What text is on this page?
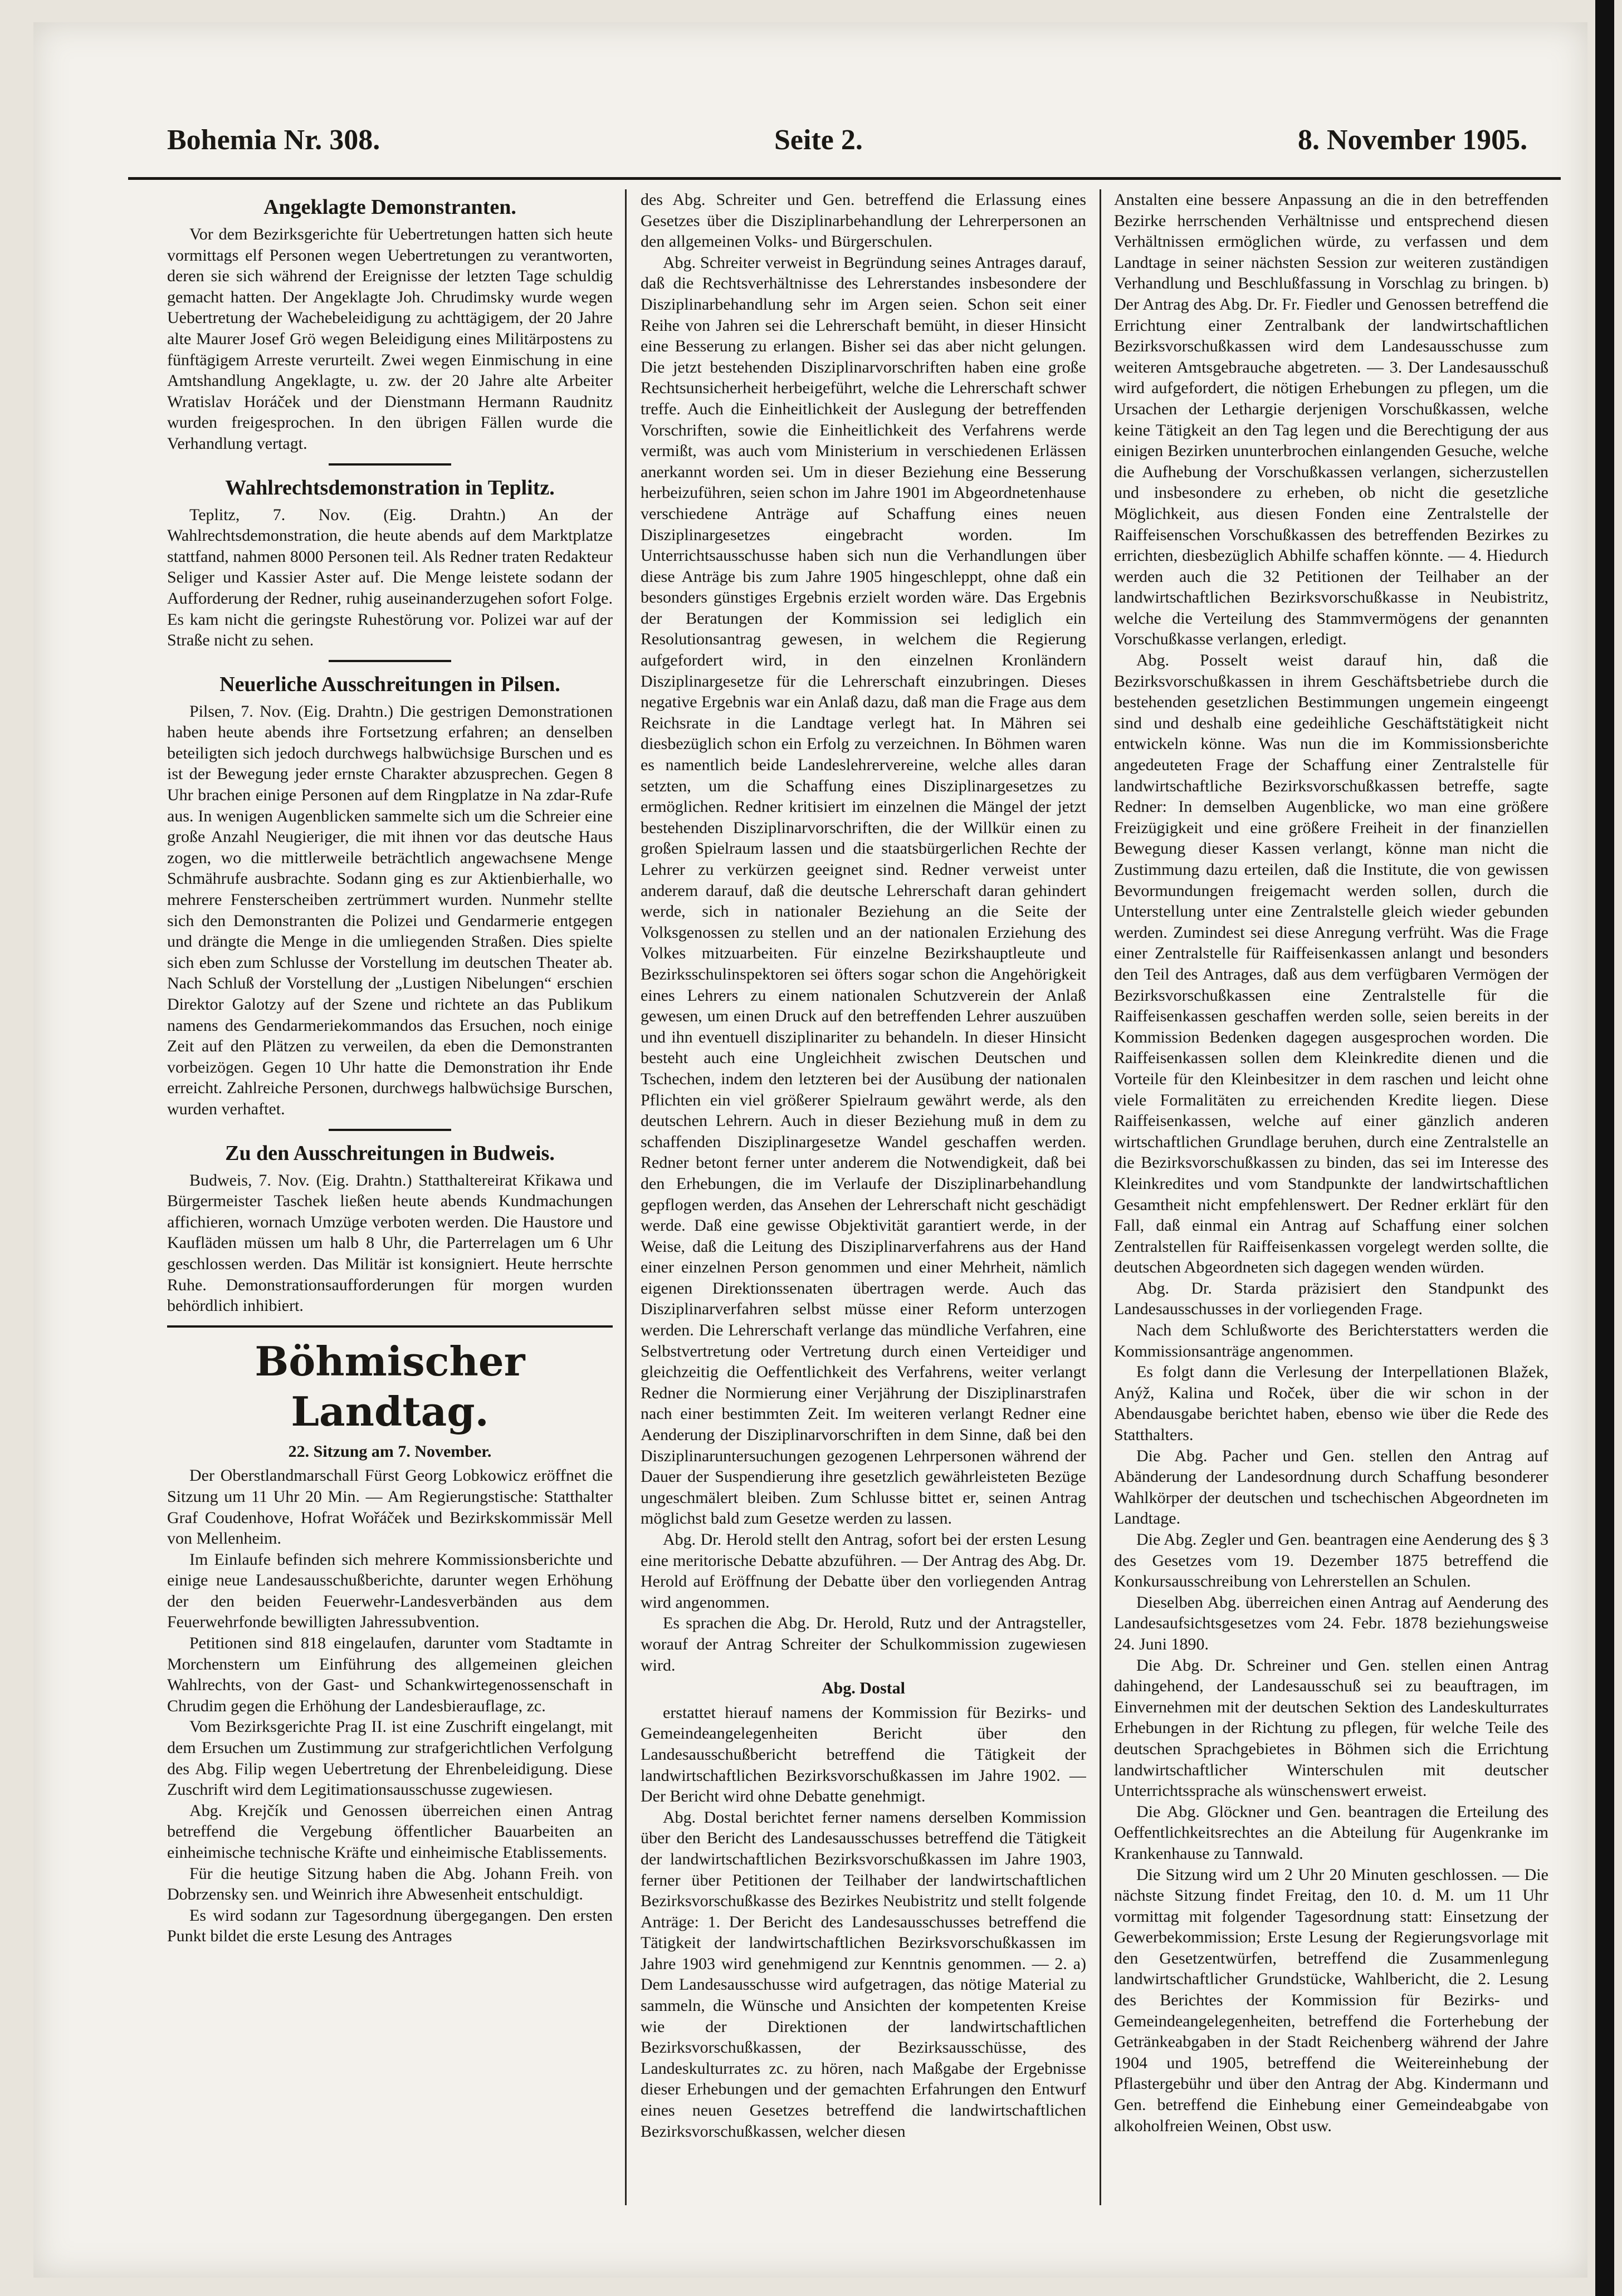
Bohemia Nr. 308.	Seite 2.	8. November 1905.
Angeklagte Demonstranten.

Vor dem Bezirksgerichte für Uebertretungen hatten sich heute vormittags elf Personen wegen Uebertretungen zu verantworten, deren sie sich während der Ereignisse der letzten Tage schuldig gemacht hatten. Der Angeklagte Joh. Chrudimsky wurde wegen Uebertretung der Wachebeleidigung zu achttägigem, der 20 Jahre alte Maurer Josef Grö wegen Beleidigung eines Militärpostens zu fünftägigem Arreste verurteilt. Zwei wegen Einmischung in eine Amtshandlung Angeklagte, u. zw. der 20 Jahre alte Arbeiter Wratislav Horáček und der Dienstmann Hermann Raudnitz wurden freigesprochen. In den übrigen Fällen wurde die Verhandlung vertagt.

Wahlrechtsdemonstration in Teplitz.

Teplitz, 7. Nov. (Eig. Drahtn.) An der Wahlrechtsdemonstration, die heute abends auf dem Marktplatze stattfand, nahmen 8000 Personen teil. Als Redner traten Redakteur Seliger und Kassier Aster auf. Die Menge leistete sodann der Aufforderung der Redner, ruhig auseinanderzugehen sofort Folge. Es kam nicht die geringste Ruhestörung vor. Polizei war auf der Straße nicht zu sehen.

Neuerliche Ausschreitungen in Pilsen.

Pilsen, 7. Nov. (Eig. Drahtn.) Die gestrigen Demonstrationen haben heute abends ihre Fortsetzung erfahren; an denselben beteiligten sich jedoch durchwegs halbwüchsige Burschen und es ist der Bewegung jeder ernste Charakter abzusprechen. Gegen 8 Uhr brachen einige Personen auf dem Ringplatze in Na zdar-Rufe aus. In wenigen Augenblicken sammelte sich um die Schreier eine große Anzahl Neugieriger, die mit ihnen vor das deutsche Haus zogen, wo die mittlerweile beträchtlich angewachsene Menge Schmährufe ausbrachte. Sodann ging es zur Aktienbierhalle, wo mehrere Fensterscheiben zertrümmert wurden. Nunmehr stellte sich den Demonstranten die Polizei und Gendarmerie entgegen und drängte die Menge in die umliegenden Straßen. Dies spielte sich eben zum Schlusse der Vorstellung im deutschen Theater ab. Nach Schluß der Vorstellung der „Lustigen Nibelungen“ erschien Direktor Galotzy auf der Szene und richtete an das Publikum namens des Gendarmeriekommandos das Ersuchen, noch einige Zeit auf den Plätzen zu verweilen, da eben die Demonstranten vorbeizögen. Gegen 10 Uhr hatte die Demonstration ihr Ende erreicht. Zahlreiche Personen, durchwegs halbwüchsige Burschen, wurden verhaftet.

Zu den Ausschreitungen in Budweis.

Budweis, 7. Nov. (Eig. Drahtn.) Statthaltereirat Křikawa und Bürgermeister Taschek ließen heute abends Kundmachungen affichieren, wornach Umzüge verboten werden. Die Haustore und Kaufläden müssen um halb 8 Uhr, die Parterrelagen um 6 Uhr geschlossen werden. Das Militär ist konsigniert. Heute herrschte Ruhe. Demonstrationsaufforderungen für morgen wurden behördlich inhibiert.

Böhmischer Landtag.
22. Sitzung am 7. November.

Der Oberstlandmarschall Fürst Georg Lobkowicz eröffnet die Sitzung um 11 Uhr 20 Min. — Am Regierungstische: Statthalter Graf Coudenhove, Hofrat Wořáček und Bezirkskommissär Mell von Mellenheim.

Im Einlaufe befinden sich mehrere Kommissionsberichte und einige neue Landesausschußberichte, darunter wegen Erhöhung der den beiden Feuerwehr-Landesverbänden aus dem Feuerwehrfonde bewilligten Jahressubvention.

Petitionen sind 818 eingelaufen, darunter vom Stadtamte in Morchenstern um Einführung des allgemeinen gleichen Wahlrechts, von der Gast- und Schankwirtegenossenschaft in Chrudim gegen die Erhöhung der Landesbierauflage, zc.

Vom Bezirksgerichte Prag II. ist eine Zuschrift eingelangt, mit dem Ersuchen um Zustimmung zur strafgerichtlichen Verfolgung des Abg. Filip wegen Uebertretung der Ehrenbeleidigung. Diese Zuschrift wird dem Legitimationsausschusse zugewiesen.

Abg. Krejčík und Genossen überreichen einen Antrag betreffend die Vergebung öffentlicher Bauarbeiten an einheimische technische Kräfte und einheimische Etablissements.

Für die heutige Sitzung haben die Abg. Johann Freih. von Dobrzensky sen. und Weinrich ihre Abwesenheit entschuldigt.

Es wird sodann zur Tagesordnung übergegangen. Den ersten Punkt bildet die erste Lesung des Antrages

des Abg. Schreiter und Gen. betreffend die Erlassung eines Gesetzes über die Disziplinarbehandlung der Lehrerpersonen an den allgemeinen Volks- und Bürgerschulen.

Abg. Schreiter verweist in Begründung seines Antrages darauf, daß die Rechtsverhältnisse des Lehrerstandes insbesondere der Disziplinarbehandlung sehr im Argen seien. Schon seit einer Reihe von Jahren sei die Lehrerschaft bemüht, in dieser Hinsicht eine Besserung zu erlangen. Bisher sei das aber nicht gelungen. Die jetzt bestehenden Disziplinarvorschriften haben eine große Rechtsunsicherheit herbeigeführt, welche die Lehrerschaft schwer treffe. Auch die Einheitlichkeit der Auslegung der betreffenden Vorschriften, sowie die Einheitlichkeit des Verfahrens werde vermißt, was auch vom Ministerium in verschiedenen Erlässen anerkannt worden sei. Um in dieser Beziehung eine Besserung herbeizuführen, seien schon im Jahre 1901 im Abgeordnetenhause verschiedene Anträge auf Schaffung eines neuen Disziplinargesetzes eingebracht worden. Im Unterrichtsausschusse haben sich nun die Verhandlungen über diese Anträge bis zum Jahre 1905 hingeschleppt, ohne daß ein besonders günstiges Ergebnis erzielt worden wäre. Das Ergebnis der Beratungen der Kommission sei lediglich ein Resolutionsantrag gewesen, in welchem die Regierung aufgefordert wird, in den einzelnen Kronländern Disziplinargesetze für die Lehrerschaft einzubringen. Dieses negative Ergebnis war ein Anlaß dazu, daß man die Frage aus dem Reichsrate in die Landtage verlegt hat. In Mähren sei diesbezüglich schon ein Erfolg zu verzeichnen. In Böhmen waren es namentlich beide Landeslehrervereine, welche alles daran setzten, um die Schaffung eines Disziplinargesetzes zu ermöglichen. Redner kritisiert im einzelnen die Mängel der jetzt bestehenden Disziplinarvorschriften, die der Willkür einen zu großen Spielraum lassen und die staatsbürgerlichen Rechte der Lehrer zu verkürzen geeignet sind. Redner verweist unter anderem darauf, daß die deutsche Lehrerschaft daran gehindert werde, sich in nationaler Beziehung an die Seite der Volksgenossen zu stellen und an der nationalen Erziehung des Volkes mitzuarbeiten. Für einzelne Bezirkshauptleute und Bezirksschulinspektoren sei öfters sogar schon die Angehörigkeit eines Lehrers zu einem nationalen Schutzverein der Anlaß gewesen, um einen Druck auf den betreffenden Lehrer auszuüben und ihn eventuell disziplinariter zu behandeln. In dieser Hinsicht besteht auch eine Ungleichheit zwischen Deutschen und Tschechen, indem den letzteren bei der Ausübung der nationalen Pflichten ein viel größerer Spielraum gewährt werde, als den deutschen Lehrern. Auch in dieser Beziehung muß in dem zu schaffenden Disziplinargesetze Wandel geschaffen werden. Redner betont ferner unter anderem die Notwendigkeit, daß bei den Erhebungen, die im Verlaufe der Disziplinarbehandlung gepflogen werden, das Ansehen der Lehrerschaft nicht geschädigt werde. Daß eine gewisse Objektivität garantiert werde, in der Weise, daß die Leitung des Disziplinarverfahrens aus der Hand einer einzelnen Person genommen und einer Mehrheit, nämlich eigenen Direktionssenaten übertragen werde. Auch das Disziplinarverfahren selbst müsse einer Reform unterzogen werden. Die Lehrerschaft verlange das mündliche Verfahren, eine Selbstvertretung oder Vertretung durch einen Verteidiger und gleichzeitig die Oeffentlichkeit des Verfahrens, weiter verlangt Redner die Normierung einer Verjährung der Disziplinarstrafen nach einer bestimmten Zeit. Im weiteren verlangt Redner eine Aenderung der Disziplinarvorschriften in dem Sinne, daß bei den Disziplinaruntersuchungen gezogenen Lehrpersonen während der Dauer der Suspendierung ihre gesetzlich gewährleisteten Bezüge ungeschmälert bleiben. Zum Schlusse bittet er, seinen Antrag möglichst bald zum Gesetze werden zu lassen.

Abg. Dr. Herold stellt den Antrag, sofort bei der ersten Lesung eine meritorische Debatte abzuführen. — Der Antrag des Abg. Dr. Herold auf Eröffnung der Debatte über den vorliegenden Antrag wird angenommen.

Es sprachen die Abg. Dr. Herold, Rutz und der Antragsteller, worauf der Antrag Schreiter der Schulkommission zugewiesen wird.

Abg. Dostal

erstattet hierauf namens der Kommission für Bezirks- und Gemeindeangelegenheiten Bericht über den Landesausschußbericht betreffend die Tätigkeit der landwirtschaftlichen Bezirksvorschußkassen im Jahre 1902. — Der Bericht wird ohne Debatte genehmigt.

Abg. Dostal berichtet ferner namens derselben Kommission über den Bericht des Landesausschusses betreffend die Tätigkeit der landwirtschaftlichen Bezirksvorschußkassen im Jahre 1903, ferner über Petitionen der Teilhaber der landwirtschaftlichen Bezirksvorschußkasse des Bezirkes Neubistritz und stellt folgende Anträge: 1. Der Bericht des Landesausschusses betreffend die Tätigkeit der landwirtschaftlichen Bezirksvorschußkassen im Jahre 1903 wird genehmigend zur Kenntnis genommen. — 2. a) Dem Landesausschusse wird aufgetragen, das nötige Material zu sammeln, die Wünsche und Ansichten der kompetenten Kreise wie der Direktionen der landwirtschaftlichen Bezirksvorschußkassen, der Bezirksausschüsse, des Landeskulturrates zc. zu hören, nach Maßgabe der Ergebnisse dieser Erhebungen und der gemachten Erfahrungen den Entwurf eines neuen Gesetzes betreffend die landwirtschaftlichen Bezirksvorschußkassen, welcher diesen

Anstalten eine bessere Anpassung an die in den betreffenden Bezirke herrschenden Verhältnisse und entsprechend diesen Verhältnissen ermöglichen würde, zu verfassen und dem Landtage in seiner nächsten Session zur weiteren zuständigen Verhandlung und Beschlußfassung in Vorschlag zu bringen. b) Der Antrag des Abg. Dr. Fr. Fiedler und Genossen betreffend die Errichtung einer Zentralbank der landwirtschaftlichen Bezirksvorschußkassen wird dem Landesausschusse zum weiteren Amtsgebrauche abgetreten. — 3. Der Landesausschuß wird aufgefordert, die nötigen Erhebungen zu pflegen, um die Ursachen der Lethargie derjenigen Vorschußkassen, welche keine Tätigkeit an den Tag legen und die Berechtigung der aus einigen Bezirken ununterbrochen einlangenden Gesuche, welche die Aufhebung der Vorschußkassen verlangen, sicherzustellen und insbesondere zu erheben, ob nicht die gesetzliche Möglichkeit, aus diesen Fonden eine Zentralstelle der Raiffeisenschen Vorschußkassen des betreffenden Bezirkes zu errichten, diesbezüglich Abhilfe schaffen könnte. — 4. Hiedurch werden auch die 32 Petitionen der Teilhaber an der landwirtschaftlichen Bezirksvorschußkasse in Neubistritz, welche die Verteilung des Stammvermögens der genannten Vorschußkasse verlangen, erledigt.

Abg. Posselt weist darauf hin, daß die Bezirksvorschußkassen in ihrem Geschäftsbetriebe durch die bestehenden gesetzlichen Bestimmungen ungemein eingeengt sind und deshalb eine gedeihliche Geschäftstätigkeit nicht entwickeln könne. Was nun die im Kommissionsberichte angedeuteten Frage der Schaffung einer Zentralstelle für landwirtschaftliche Bezirksvorschußkassen betreffe, sagte Redner: In demselben Augenblicke, wo man eine größere Freizügigkeit und eine größere Freiheit in der finanziellen Bewegung dieser Kassen verlangt, könne man nicht die Zustimmung dazu erteilen, daß die Institute, die von gewissen Bevormundungen freigemacht werden sollen, durch die Unterstellung unter eine Zentralstelle gleich wieder gebunden werden. Zumindest sei diese Anregung verfrüht. Was die Frage einer Zentralstelle für Raiffeisenkassen anlangt und besonders den Teil des Antrages, daß aus dem verfügbaren Vermögen der Bezirksvorschußkassen eine Zentralstelle für die Raiffeisenkassen geschaffen werden solle, seien bereits in der Kommission Bedenken dagegen ausgesprochen worden. Die Raiffeisenkassen sollen dem Kleinkredite dienen und die Vorteile für den Kleinbesitzer in dem raschen und leicht ohne viele Formalitäten zu erreichenden Kredite liegen. Diese Raiffeisenkassen, welche auf einer gänzlich anderen wirtschaftlichen Grundlage beruhen, durch eine Zentralstelle an die Bezirksvorschußkassen zu binden, das sei im Interesse des Kleinkredites und vom Standpunkte der landwirtschaftlichen Gesamtheit nicht empfehlenswert. Der Redner erklärt für den Fall, daß einmal ein Antrag auf Schaffung einer solchen Zentralstellen für Raiffeisenkassen vorgelegt werden sollte, die deutschen Abgeordneten sich dagegen wenden würden.

Abg. Dr. Starda präzisiert den Standpunkt des Landesausschusses in der vorliegenden Frage.

Nach dem Schlußworte des Berichterstatters werden die Kommissionsanträge angenommen.

Es folgt dann die Verlesung der Interpellationen Blažek, Anýž, Kalina und Roček, über die wir schon in der Abendausgabe berichtet haben, ebenso wie über die Rede des Statthalters.

Die Abg. Pacher und Gen. stellen den Antrag auf Abänderung der Landesordnung durch Schaffung besonderer Wahlkörper der deutschen und tschechischen Abgeordneten im Landtage.

Die Abg. Zegler und Gen. beantragen eine Aenderung des § 3 des Gesetzes vom 19. Dezember 1875 betreffend die Konkursausschreibung von Lehrerstellen an Schulen.

Dieselben Abg. überreichen einen Antrag auf Aenderung des Landesaufsichtsgesetzes vom 24. Febr. 1878 beziehungsweise 24. Juni 1890.

Die Abg. Dr. Schreiner und Gen. stellen einen Antrag dahingehend, der Landesausschuß sei zu beauftragen, im Einvernehmen mit der deutschen Sektion des Landeskulturrates Erhebungen in der Richtung zu pflegen, für welche Teile des deutschen Sprachgebietes in Böhmen sich die Errichtung landwirtschaftlicher Winterschulen mit deutscher Unterrichtssprache als wünschenswert erweist.

Die Abg. Glöckner und Gen. beantragen die Erteilung des Oeffentlichkeitsrechtes an die Abteilung für Augenkranke im Krankenhause zu Tannwald.

Die Sitzung wird um 2 Uhr 20 Minuten geschlossen. — Die nächste Sitzung findet Freitag, den 10. d. M. um 11 Uhr vormittag mit folgender Tagesordnung statt: Einsetzung der Gewerbekommission; Erste Lesung der Regierungsvorlage mit den Gesetzentwürfen, betreffend die Zusammenlegung landwirtschaftlicher Grundstücke, Wahlbericht, die 2. Lesung des Berichtes der Kommission für Bezirks- und Gemeindeangelegenheiten, betreffend die Forterhebung der Getränkeabgaben in der Stadt Reichenberg während der Jahre 1904 und 1905, betreffend die Weitereinhebung der Pflastergebühr und über den Antrag der Abg. Kindermann und Gen. betreffend die Einhebung einer Gemeindeabgabe von alkoholfreien Weinen, Obst usw.
